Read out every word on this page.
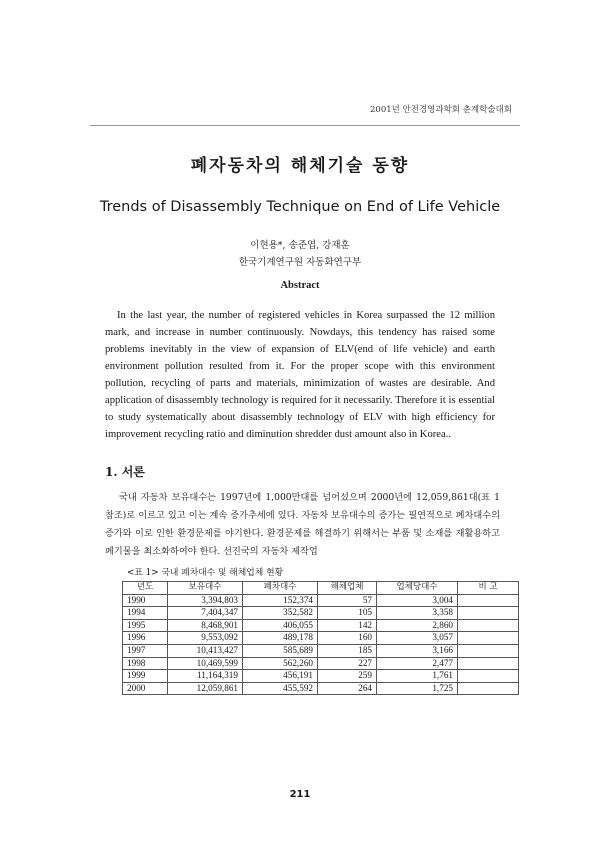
2001년 안전경영과학회 춘계학술대회
폐자동차의 해체기술 동향
Trends of Disassembly Technique on End of Life Vehicle
이현용*, 송준엽, 강재훈
한국기계연구원 자동화연구부
Abstract

In the last year, the number of registered vehicles in Korea surpassed the 12 million mark, and increase in number continuously. Nowdays, this tendency has raised some problems inevitably in the view of expansion of ELV(end of life vehicle) and earth environment pollution resulted from it. For the proper scope with this environment pollution, recycling of parts and materials, minimization of wastes are desirable. And application of disassembly technology is required for it necessarily. Therefore it is essential to study systematically about disassembly technology of ELV with high efficiency for improvement recycling ratio and diminution shredder dust amount also in Korea..

1. 서론

국내 자동차 보유대수는 1997년에 1,000만대를 넘어섰으며 2000년에 12,059,861대(표 1 참조)로 이르고 있고 이는 계속 증가추세에 있다. 자동차 보유대수의 증가는 필연적으로 폐차대수의 증가와 이로 인한 환경문제를 야기한다. 환경문제를 해결하기 위해서는 부품 및 소재를 재활용하고 폐기물을 최소화하여야 한다. 선진국의 자동차 제작업

<표 1> 국내 폐차대수 및 해체업체 현황
년도	보유대수	폐차대수	해체업체	업체당대수	비 고
1990	3,394,803	152,374	57	3,004	
1994	7,404,347	352,582	105	3,358	
1995	8,468,901	406,055	142	2,860	
1996	9,553,092	489,178	160	3,057	
1997	10,413,427	585,689	185	3,166	
1998	10,469,599	562,260	227	2,477	
1999	11,164,319	456,191	259	1,761	
2000	12,059,861	455,592	264	1,725	
211
